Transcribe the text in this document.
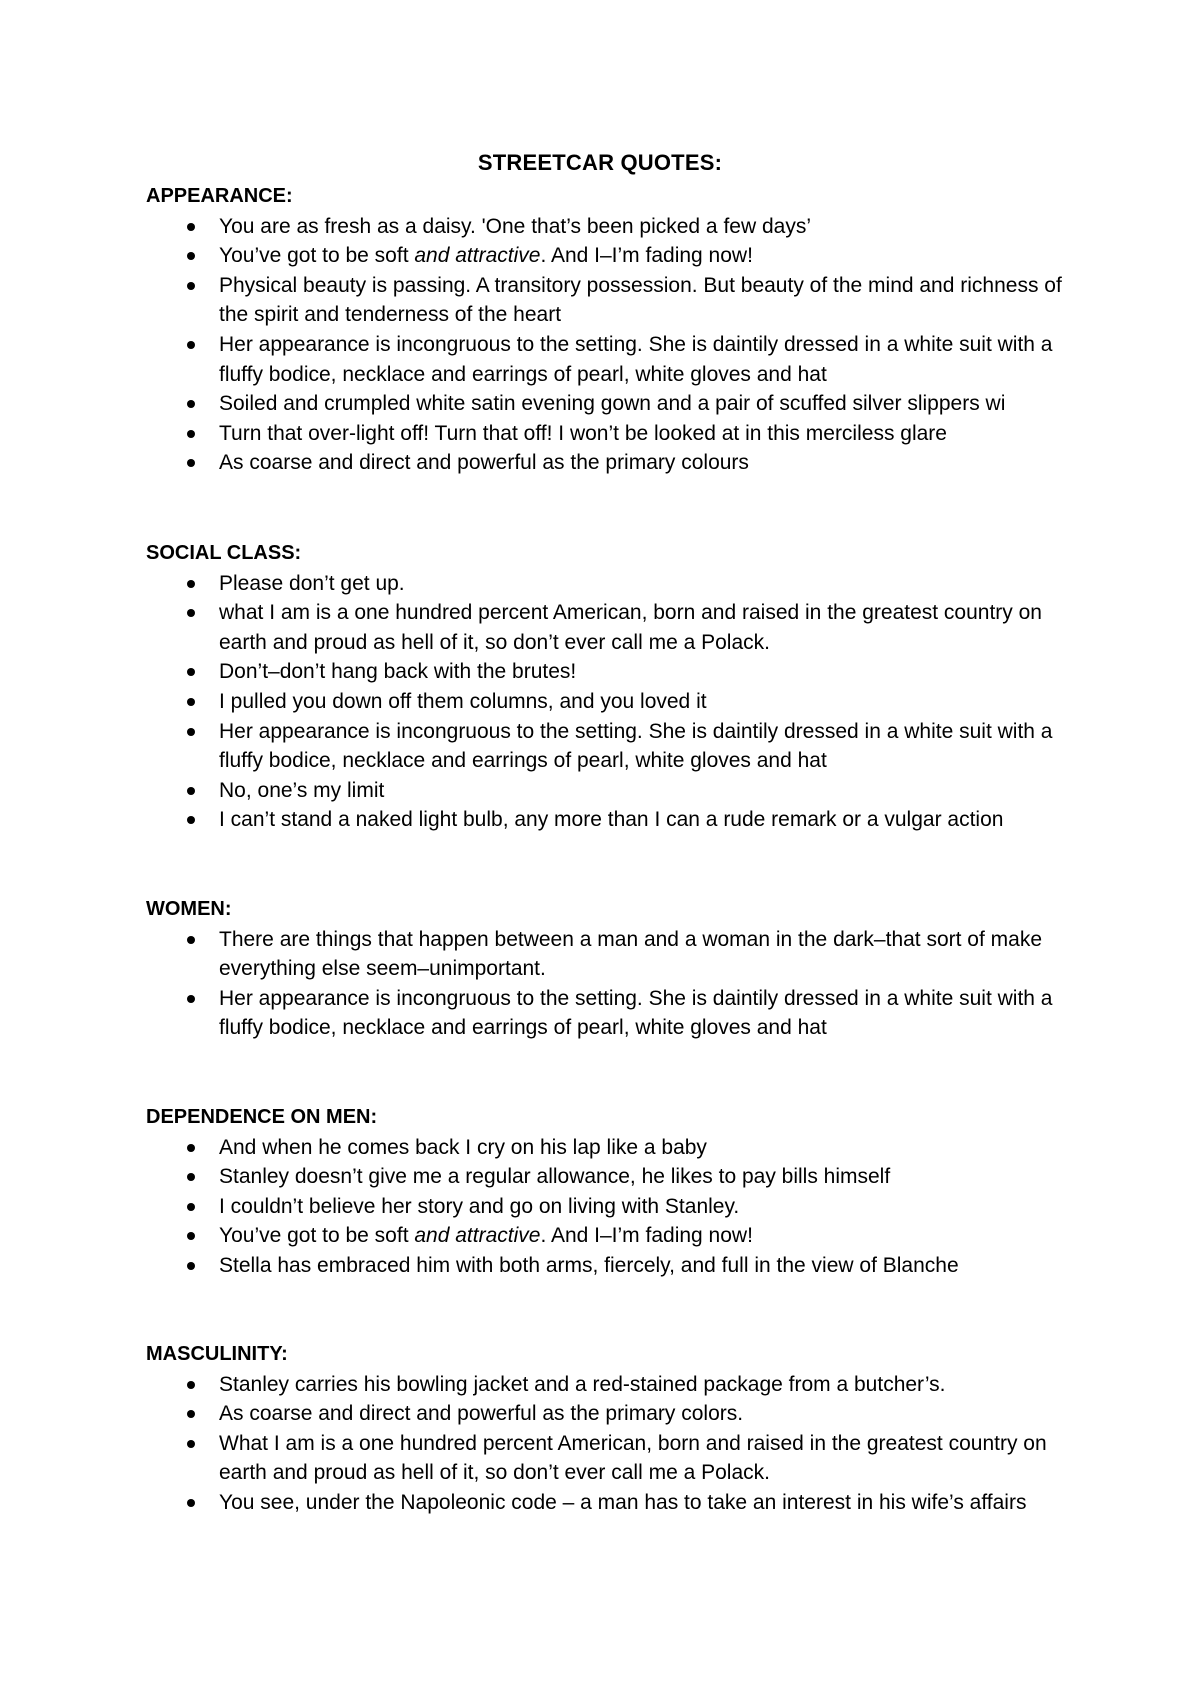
STREETCAR QUOTES:
APPEARANCE:
You are as fresh as a daisy. 'One that’s been picked a few days’
You’ve got to be soft and attractive. And I–I’m fading now!
Physical beauty is passing. A transitory possession. But beauty of the mind and richness of the spirit and tenderness of the heart
Her appearance is incongruous to the setting. She is daintily dressed in a white suit with a fluffy bodice, necklace and earrings of pearl, white gloves and hat
Soiled and crumpled white satin evening gown and a pair of scuffed silver slippers wi
Turn that over-light off! Turn that off! I won’t be looked at in this merciless glare
As coarse and direct and powerful as the primary colours
SOCIAL CLASS:
Please don’t get up.
what I am is a one hundred percent American, born and raised in the greatest country on earth and proud as hell of it, so don’t ever call me a Polack.
Don’t–don’t hang back with the brutes!
I pulled you down off them columns, and you loved it
Her appearance is incongruous to the setting. She is daintily dressed in a white suit with a fluffy bodice, necklace and earrings of pearl, white gloves and hat
No, one’s my limit
I can’t stand a naked light bulb, any more than I can a rude remark or a vulgar action
WOMEN:
There are things that happen between a man and a woman in the dark–that sort of make everything else seem–unimportant.
Her appearance is incongruous to the setting. She is daintily dressed in a white suit with a fluffy bodice, necklace and earrings of pearl, white gloves and hat
DEPENDENCE ON MEN:
And when he comes back I cry on his lap like a baby
Stanley doesn’t give me a regular allowance, he likes to pay bills himself
I couldn’t believe her story and go on living with Stanley.
You’ve got to be soft and attractive. And I–I’m fading now!
Stella has embraced him with both arms, fiercely, and full in the view of Blanche
MASCULINITY:
Stanley carries his bowling jacket and a red-stained package from a butcher’s.
As coarse and direct and powerful as the primary colors.
What I am is a one hundred percent American, born and raised in the greatest country on earth and proud as hell of it, so don’t ever call me a Polack.
You see, under the Napoleonic code – a man has to take an interest in his wife’s affairs
